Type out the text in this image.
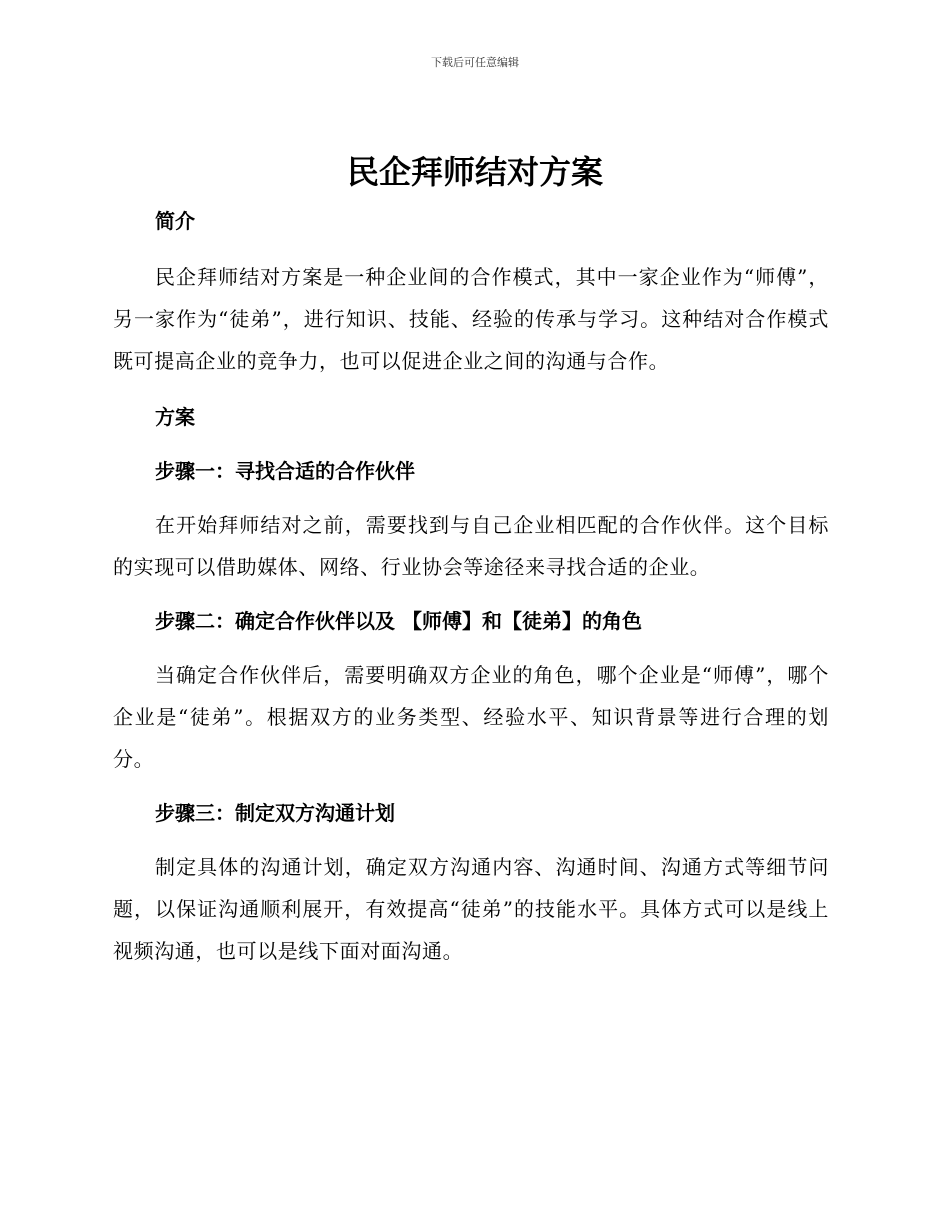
下载后可任意编辑
民企拜师结对方案

简介

民企拜师结对方案是一种企业间的合作模式，其中一家企业作为“师傅”，另一家作为“徒弟”，进行知识、技能、经验的传承与学习。这种结对合作模式既可提高企业的竞争力，也可以促进企业之间的沟通与合作。

方案

步骤一：寻找合适的合作伙伴

在开始拜师结对之前，需要找到与自己企业相匹配的合作伙伴。这个目标的实现可以借助媒体、网络、行业协会等途径来寻找合适的企业。

步骤二：确定合作伙伴以及 【师傅】和【徒弟】的角色

当确定合作伙伴后，需要明确双方企业的角色，哪个企业是“师傅”，哪个企业是“徒弟”。根据双方的业务类型、经验水平、知识背景等进行合理的划分。

步骤三：制定双方沟通计划

制定具体的沟通计划，确定双方沟通内容、沟通时间、沟通方式等细节问题，以保证沟通顺利展开，有效提高“徒弟”的技能水平。具体方式可以是线上视频沟通，也可以是线下面对面沟通。
